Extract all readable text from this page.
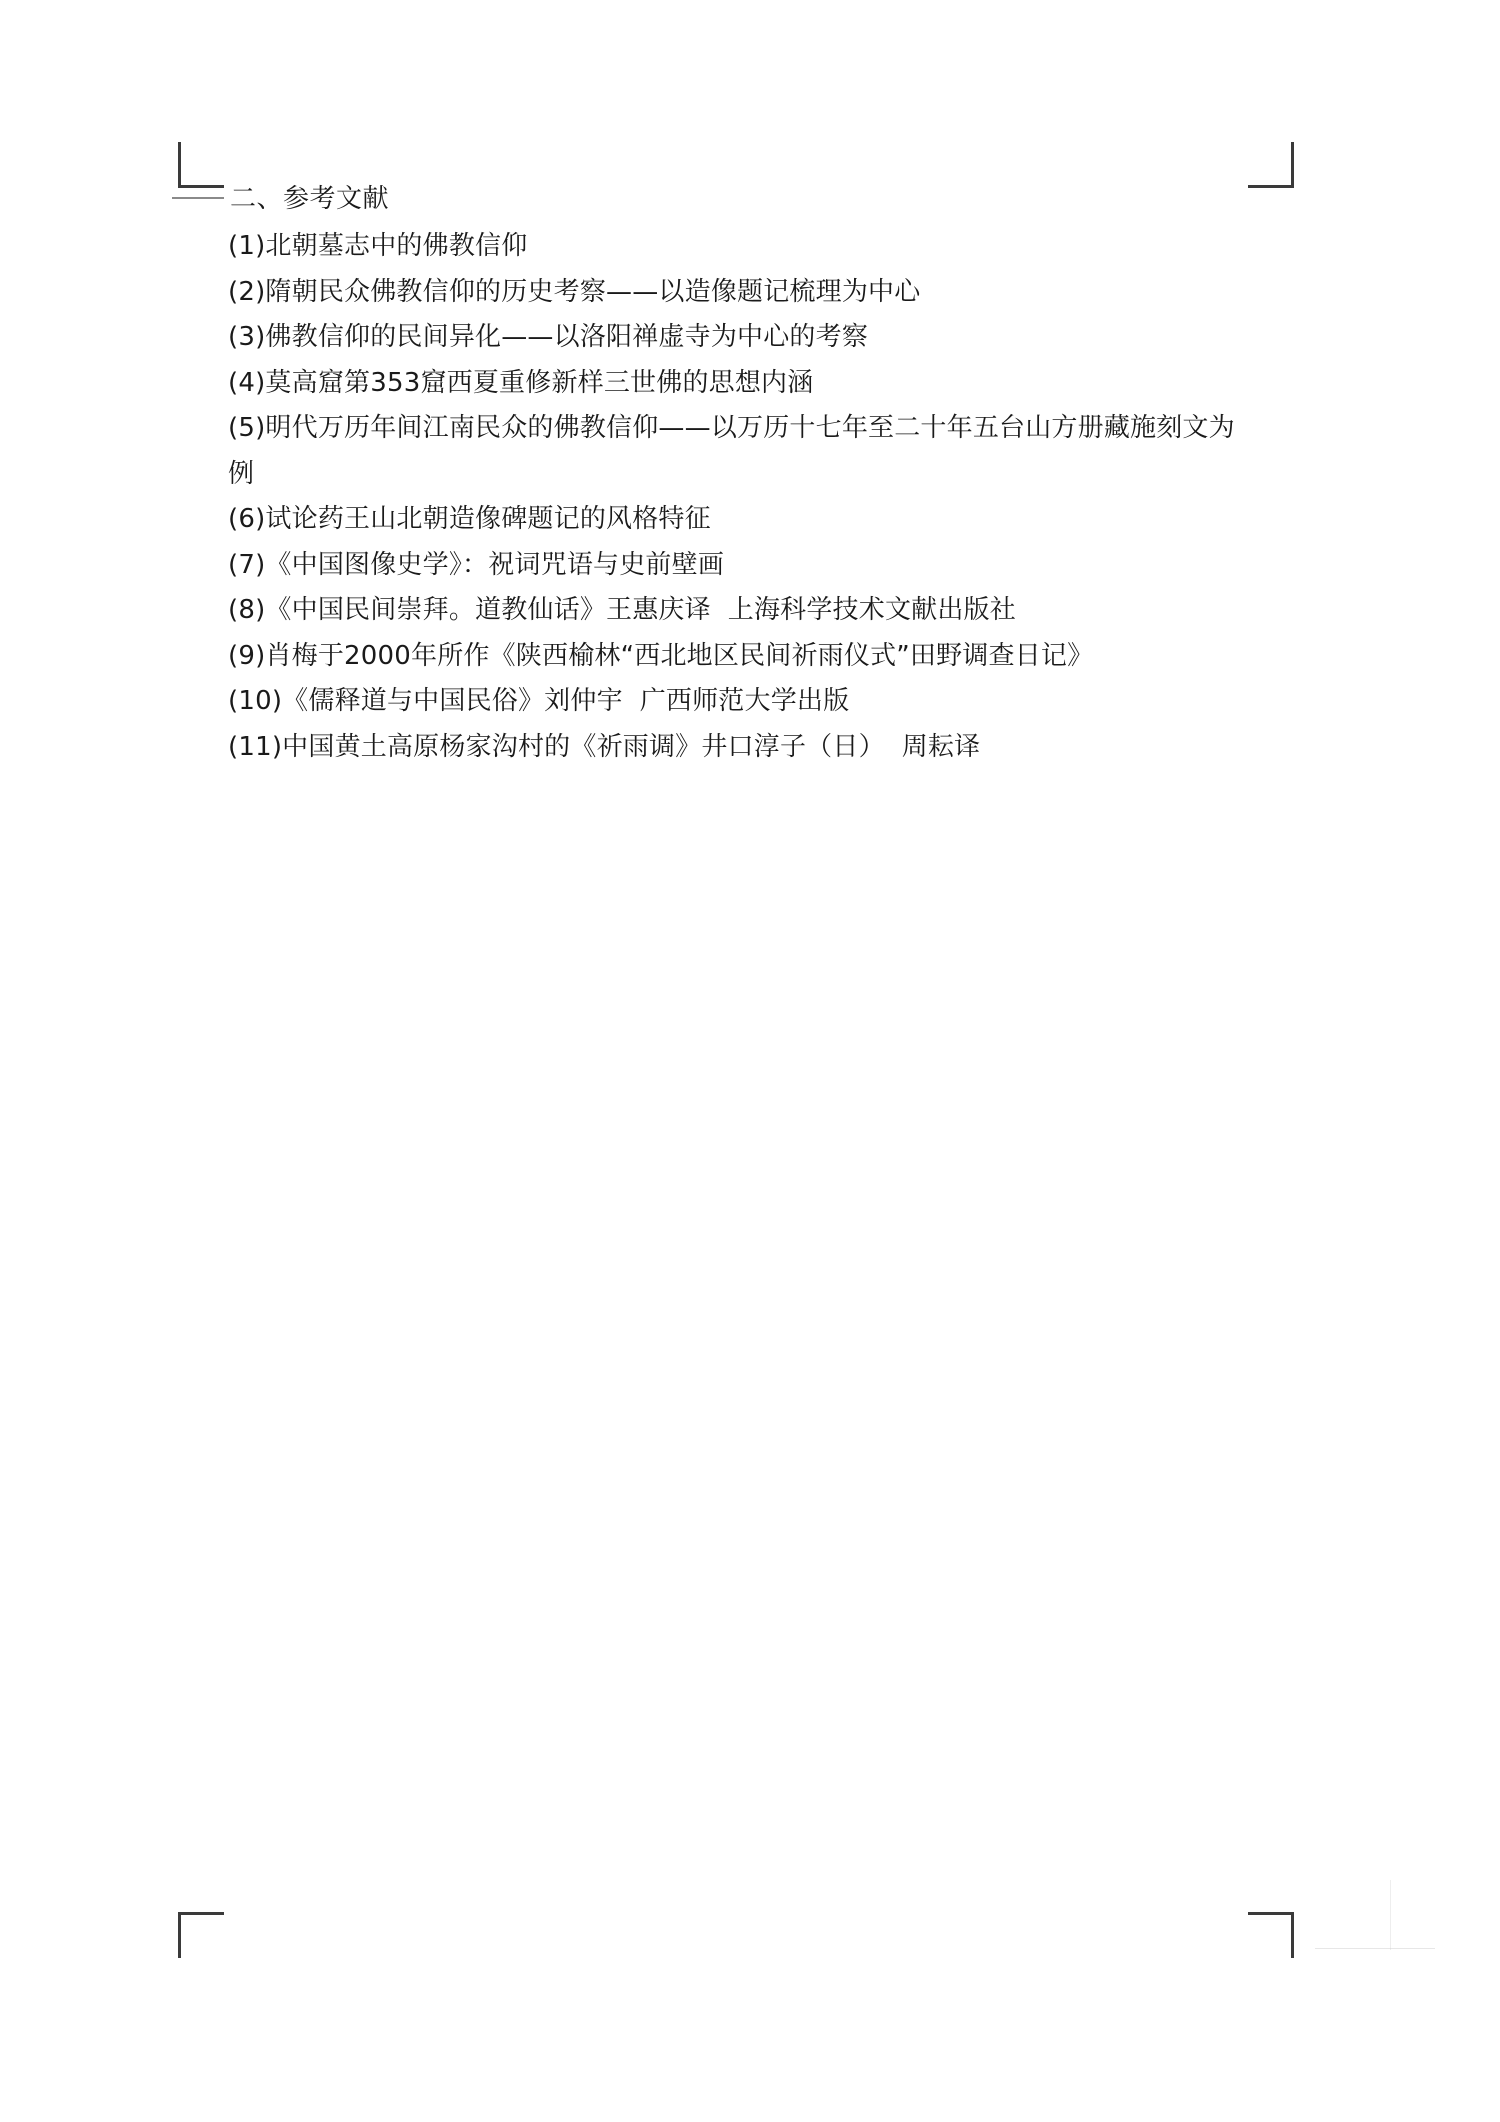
二、参考文献
(1)北朝墓志中的佛教信仰
(2)隋朝民众佛教信仰的历史考察——以造像题记梳理为中心
(3)佛教信仰的民间异化——以洛阳禅虚寺为中心的考察
(4)莫高窟第353窟西夏重修新样三世佛的思想内涵
(5)明代万历年间江南民众的佛教信仰——以万历十七年至二十年五台山方册藏施刻文为例
(6)试论药王山北朝造像碑题记的风格特征
(7)《中国图像史学》：祝词咒语与史前壁画
(8)《中国民间崇拜。道教仙话》王惠庆译  上海科学技术文献出版社
(9)肖梅于2000年所作《陕西榆林“西北地区民间祈雨仪式”田野调查日记》
(10)《儒释道与中国民俗》刘仲宇  广西师范大学出版
(11)中国黄土高原杨家沟村的《祈雨调》井口淳子（日）  周耘译
